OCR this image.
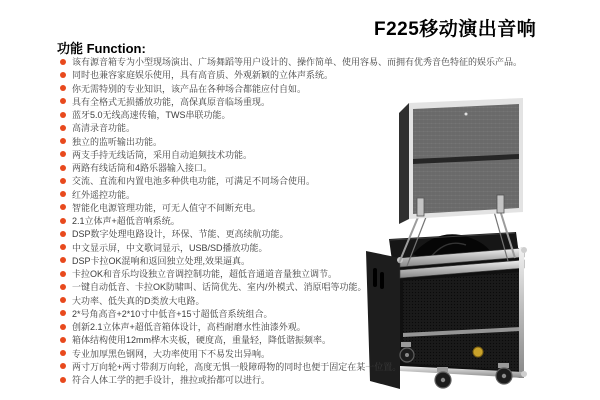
F225移动演出音响
功能 Function:
该有源音箱专为小型现场演出、广场舞蹈等用户设计的、操作简单、使用容易、而拥有优秀音色特征的娱乐产品。
同时也兼容家庭娱乐使用，具有高音质、外观新颖的立体声系统。
你无需特别的专业知识，该产品在各种场合都能应付自如。
具有全格式无损播放功能，高保真原音临场重现。
蓝牙5.0无线高速传输，TWS串联功能。
高清录音功能。
独立的监听输出功能。
两支手持无线话筒，采用自动追频技术功能。
两路有线话筒和4路乐器输入接口。
交流、直流和内置电池多种供电功能，可满足不同场合使用。
红外遥控功能。
智能化电源管理功能，可无人值守不间断充电。
2.1立体声+超低音响系统。
DSP数字处理电路设计，环保、节能、更高续航功能。
中文显示屏，中文歌词显示，USB/SD播放功能。
DSP卡拉OK混响和返回独立处理,效果逼真。
卡拉OK和音乐均设独立音调控制功能，超低音通道音量独立调节。
一键自动低音、卡拉OK防啸叫、话筒优先、室内/外模式、消原唱等功能。
大功率、低失真的D类放大电路。
2*号角高音+2*10寸中低音+15寸超低音系统组合。
创新2.1立体声+超低音箱体设计，高档耐磨水性油漆外观。
箱体结构使用12mm桦木夹板，硬度高，重量轻，降低谐振频率。
专业加厚黑色钢网，大功率使用下不易发出异响。
两寸万向轮+两寸带刹万向轮，高度无惧一般障碍物的同时也便于固定在某一位置。
符合人体工学的把手设计，推拉或抬都可以进行。
